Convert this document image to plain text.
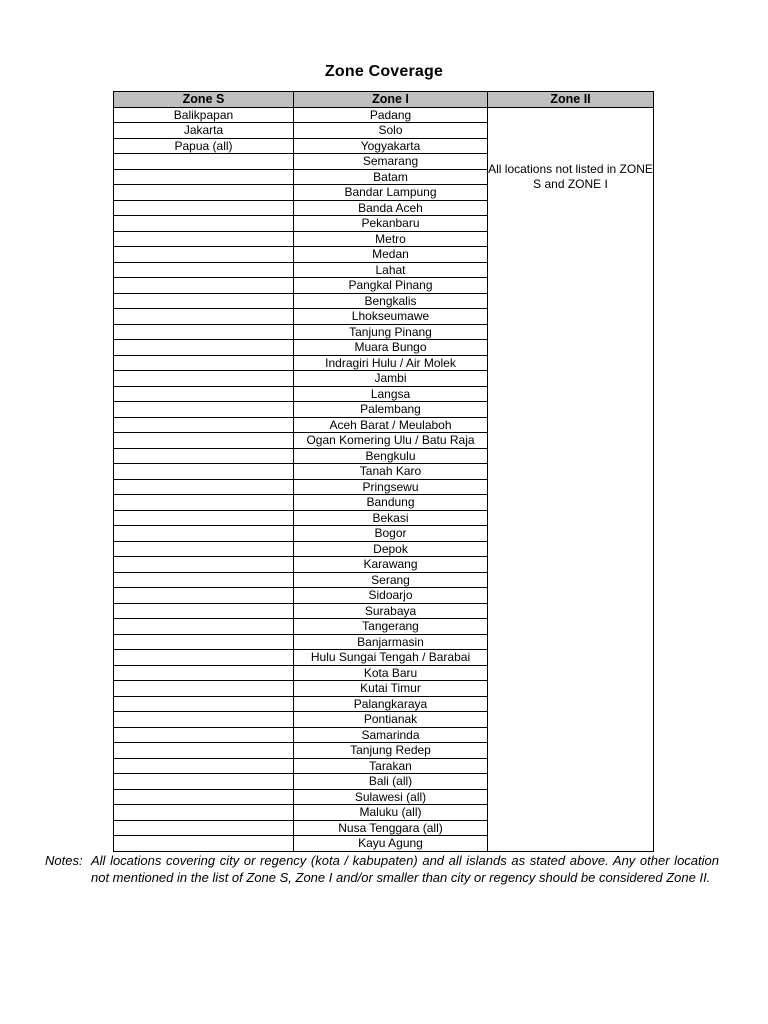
Zone Coverage
Zone S	Zone I	Zone II
Balikpapan	Padang	All locations not listed in ZONE S and ZONE I
Jakarta	Solo	
Papua (all)	Yogyakarta	
	Semarang	
	Batam	
	Bandar Lampung	
	Banda Aceh	
	Pekanbaru	
	Metro	
	Medan	
	Lahat	
	Pangkal Pinang	
	Bengkalis	
	Lhokseumawe	
	Tanjung Pinang	
	Muara Bungo	
	Indragiri Hulu / Air Molek	
	Jambi	
	Langsa	
	Palembang	
	Aceh Barat / Meulaboh	
	Ogan Komering Ulu / Batu Raja	
	Bengkulu	
	Tanah Karo	
	Pringsewu	
	Bandung	
	Bekasi	
	Bogor	
	Depok	
	Karawang	
	Serang	
	Sidoarjo	
	Surabaya	
	Tangerang	
	Banjarmasin	
	Hulu Sungai Tengah / Barabai	
	Kota Baru	
	Kutai Timur	
	Palangkaraya	
	Pontianak	
	Samarinda	
	Tanjung Redep	
	Tarakan	
	Bali (all)	
	Sulawesi (all)	
	Maluku (all)	
	Nusa Tenggara (all)	
	Kayu Agung	
Notes: All locations covering city or regency (kota / kabupaten) and all islands as stated above. Any other location not mentioned in the list of Zone S, Zone I and/or smaller than city or regency should be considered Zone II.
